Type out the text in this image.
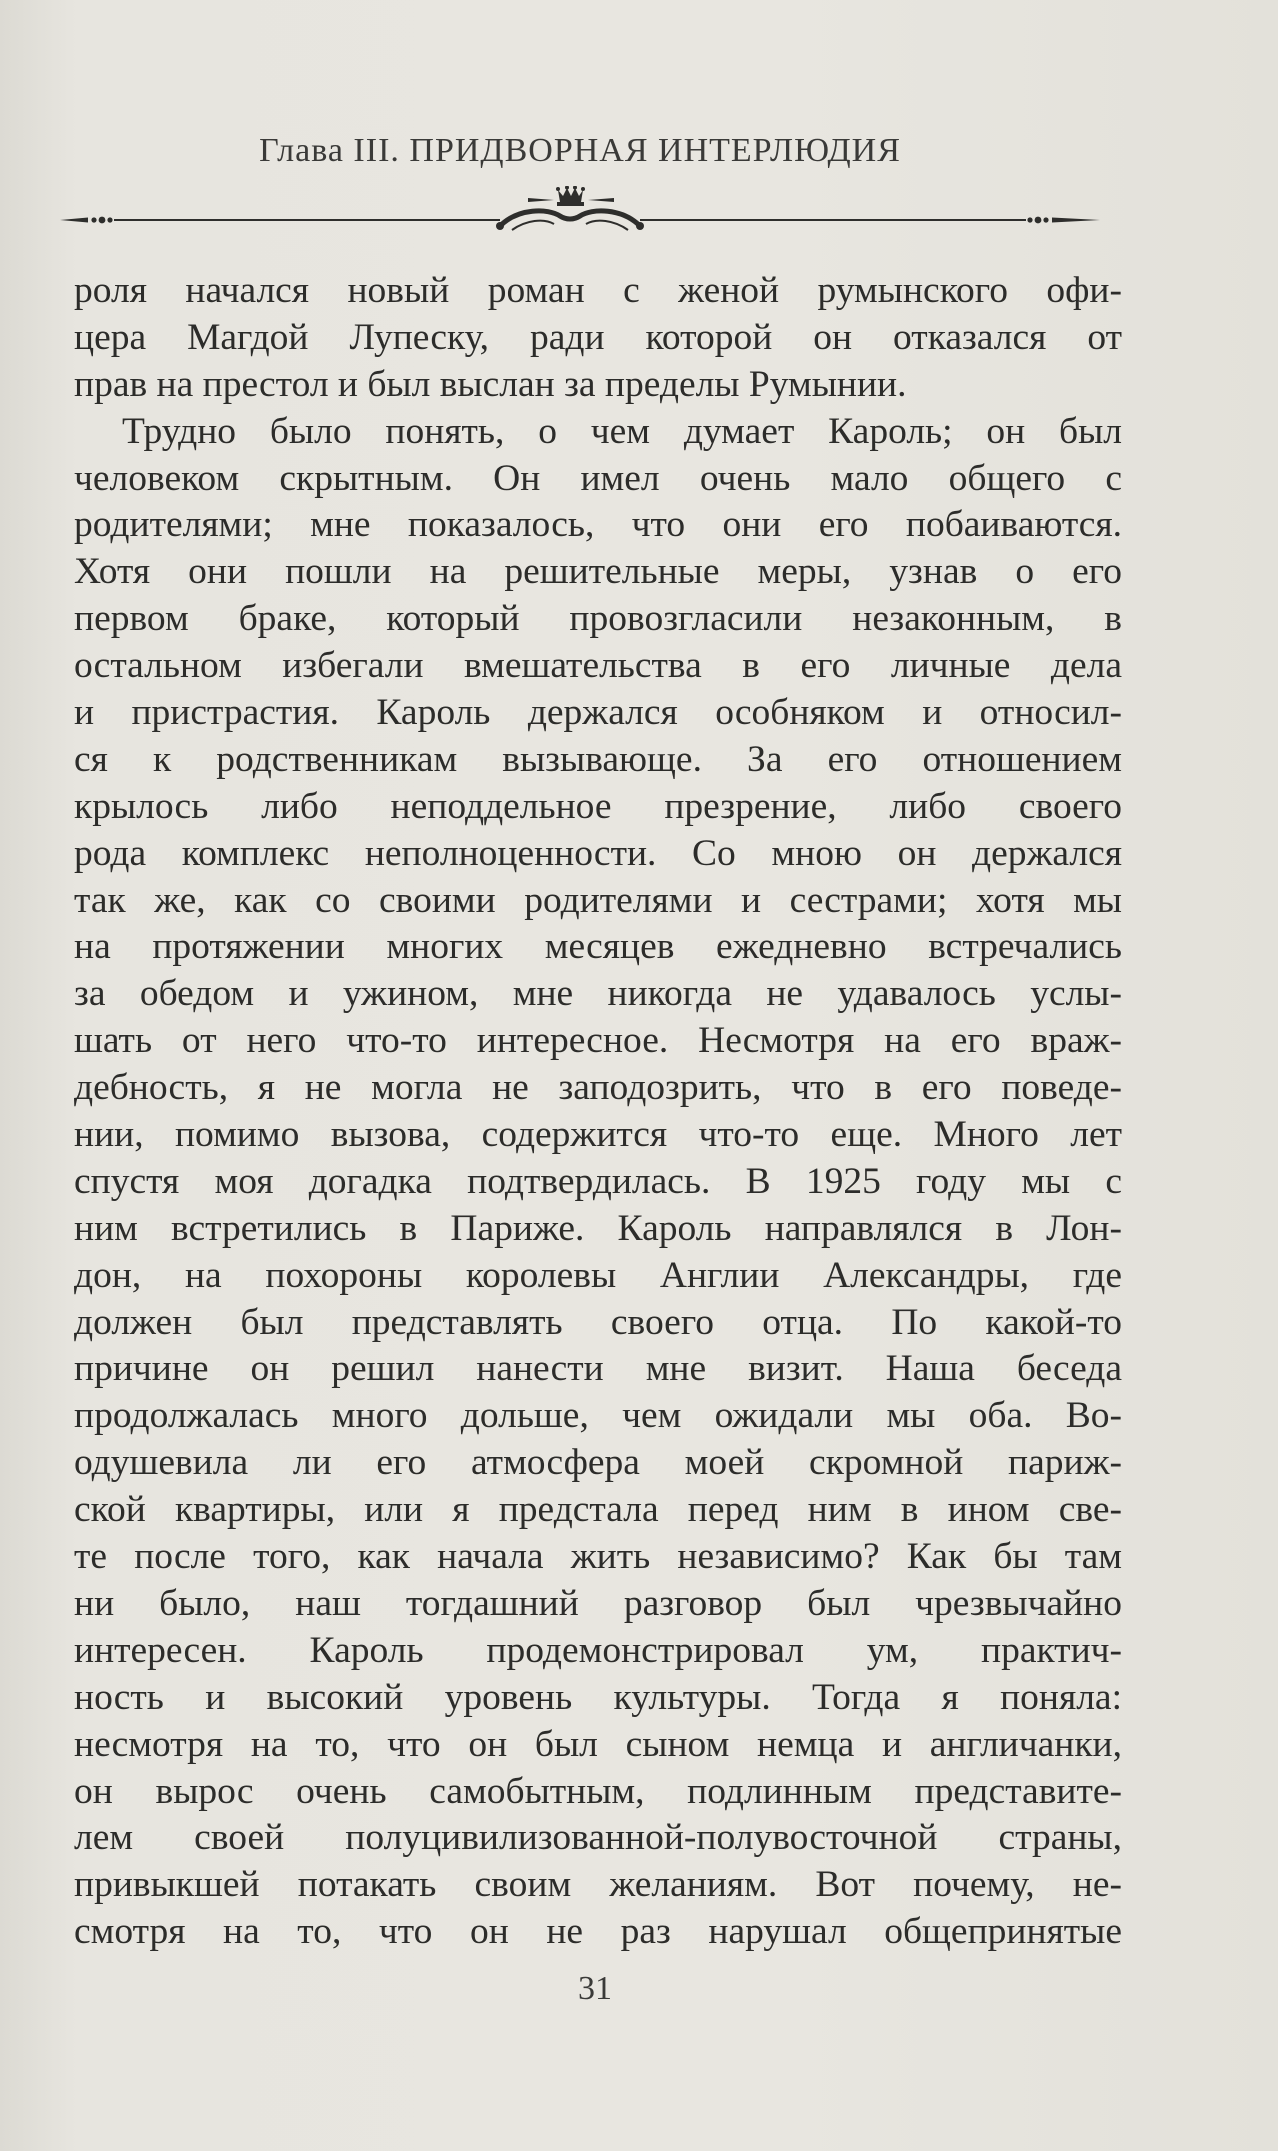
Глава III. ПРИДВОРНАЯ ИНТЕРЛЮДИЯ
роля начался новый роман с женой румынского офи-
цера Магдой Лупеску, ради которой он отказался от
прав на престол и был выслан за пределы Румынии.
Трудно было понять, о чем думает Кароль; он был
человеком скрытным. Он имел очень мало общего с
родителями; мне показалось, что они его побаиваются.
Хотя они пошли на решительные меры, узнав о его
первом браке, который провозгласили незаконным, в
остальном избегали вмешательства в его личные дела
и пристрастия. Кароль держался особняком и относил-
ся к родственникам вызывающе. За его отношением
крылось либо неподдельное презрение, либо своего
рода комплекс неполноценности. Со мною он держался
так же, как со своими родителями и сестрами; хотя мы
на протяжении многих месяцев ежедневно встречались
за обедом и ужином, мне никогда не удавалось услы-
шать от него что-то интересное. Несмотря на его враж-
дебность, я не могла не заподозрить, что в его поведе-
нии, помимо вызова, содержится что-то еще. Много лет
спустя моя догадка подтвердилась. В 1925 году мы с
ним встретились в Париже. Кароль направлялся в Лон-
дон, на похороны королевы Англии Александры, где
должен был представлять своего отца. По какой-то
причине он решил нанести мне визит. Наша беседа
продолжалась много дольше, чем ожидали мы оба. Во-
одушевила ли его атмосфера моей скромной париж-
ской квартиры, или я предстала перед ним в ином све-
те после того, как начала жить независимо? Как бы там
ни было, наш тогдашний разговор был чрезвычайно
интересен. Кароль продемонстрировал ум, практич-
ность и высокий уровень культуры. Тогда я поняла:
несмотря на то, что он был сыном немца и англичанки,
он вырос очень самобытным, подлинным представите-
лем своей полуцивилизованной-полувосточной страны,
привыкшей потакать своим желаниям. Вот почему, не-
смотря на то, что он не раз нарушал общепринятые
31
